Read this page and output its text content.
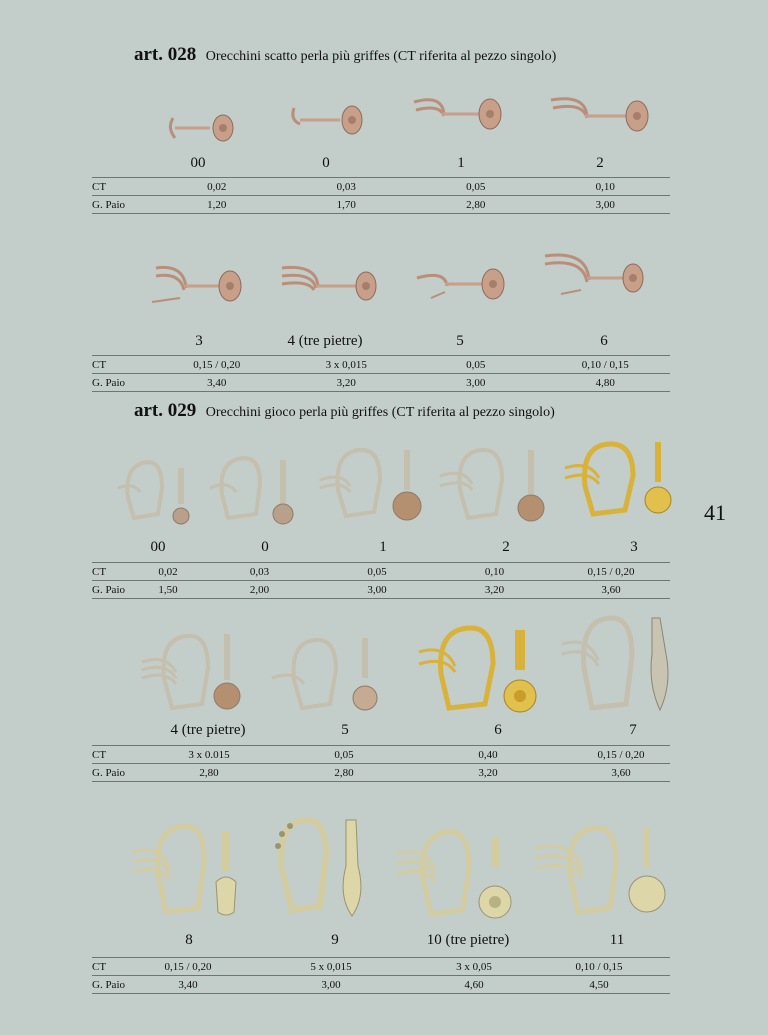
art. 028 Orecchini scatto perla più griffes (CT riferita al pezzo singolo)
00	0	1	2
CT	0,02	0,03	0,05	0,10
G. Paio	1,20	1,70	2,80	3,00
3	4 (tre pietre)	5	6
CT	0,15 / 0,20	3 x 0,015	0,05	0,10 / 0,15
G. Paio	3,40	3,20	3,00	4,80
art. 029 Orecchini gioco perla più griffes (CT riferita al pezzo singolo)
00	0	1	2	3
CT	0,02	0,03	0,05	0,10	0,15 / 0,20
G. Paio	1,50	2,00	3,00	3,20	3,60
4 (tre pietre)	5	6	7
CT	3 x 0.015	0,05	0,40	0,15 / 0,20
G. Paio	2,80	2,80	3,20	3,60
8	9	10 (tre pietre)	11
CT	0,15 / 0,20	5 x 0,015	3 x 0,05	0,10 / 0,15
G. Paio	3,40	3,00	4,60	4,50
41
